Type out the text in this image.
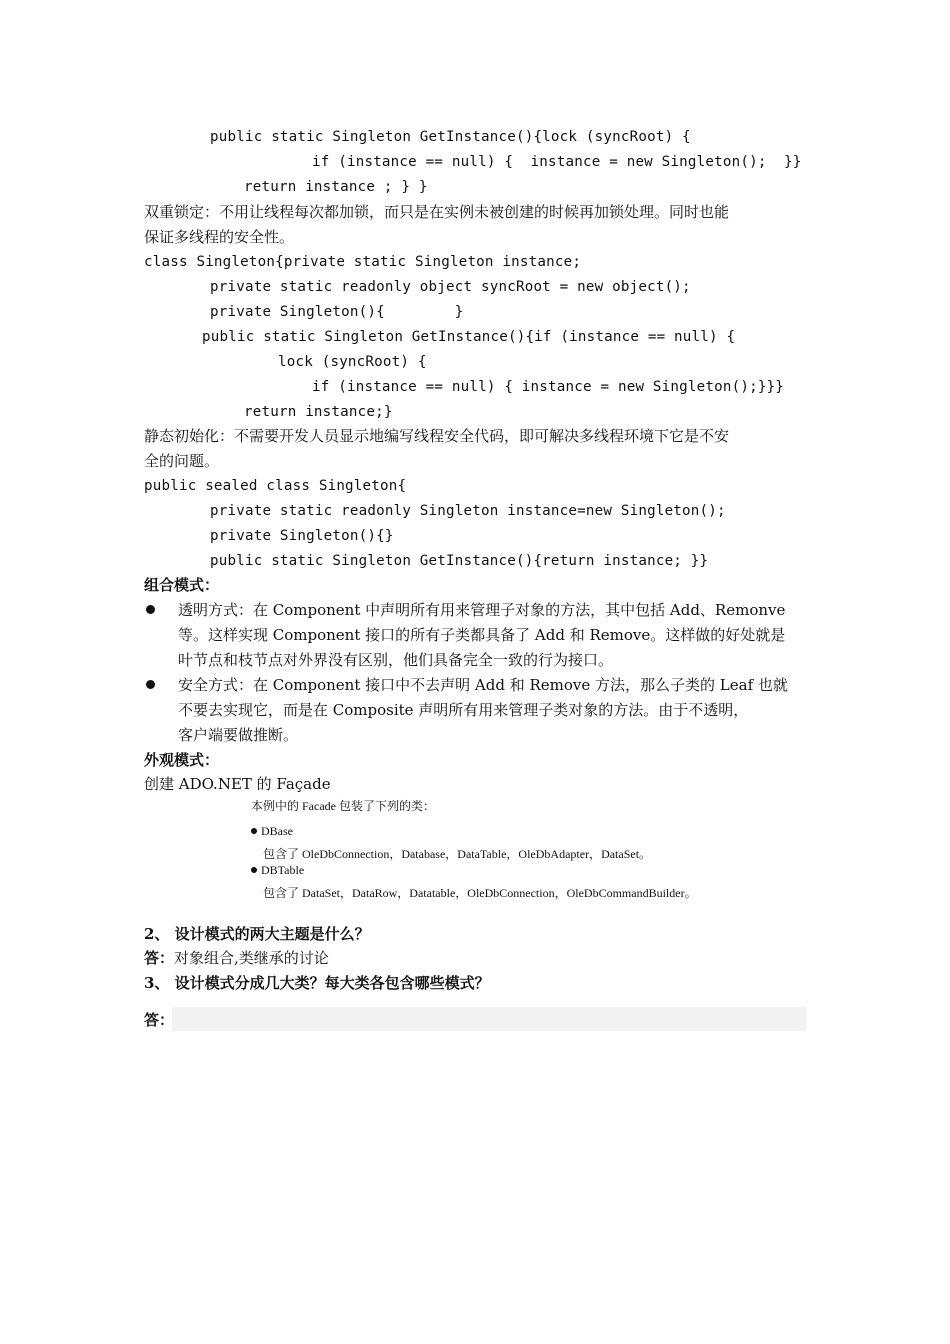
public static Singleton GetInstance(){lock (syncRoot) {
if (instance == null) {  instance = new Singleton();  }}
return instance ; } }
双重锁定：不用让线程每次都加锁，而只是在实例未被创建的时候再加锁处理。同时也能
保证多线程的安全性。
class Singleton{private static Singleton instance;
private static readonly object syncRoot = new object();
private Singleton(){        }
public static Singleton GetInstance(){if (instance == null) {
lock (syncRoot) {
if (instance == null) { instance = new Singleton();}}}
return instance;}
静态初始化：不需要开发人员显示地编写线程安全代码，即可解决多线程环境下它是不安
全的问题。
public sealed class Singleton{
private static readonly Singleton instance=new Singleton();
private Singleton(){}
public static Singleton GetInstance(){return instance; }}
组合模式：
透明方式：在 Component 中声明所有用来管理子对象的方法，其中包括 Add、Remonve
等。这样实现 Component 接口的所有子类都具备了 Add 和 Remove。这样做的好处就是
叶节点和枝节点对外界没有区别，他们具备完全一致的行为接口。
安全方式：在 Component 接口中不去声明 Add 和 Remove 方法，那么子类的 Leaf 也就
不要去实现它，而是在 Composite 声明所有用来管理子类对象的方法。由于不透明，
客户端要做推断。
外观模式：
创建 ADO.NET 的 Façade
本例中的 Facade 包装了下列的类：
DBase
包含了 OleDbConnection，Database，DataTable，OleDbAdapter，DataSet。
DBTable
包含了 DataSet，DataRow，Datatable，OleDbConnection，OleDbCommandBuilder。
2、 设计模式的两大主题是什么？
答：对象组合,类继承的讨论
3、 设计模式分成几大类？每大类各包含哪些模式？
答：
